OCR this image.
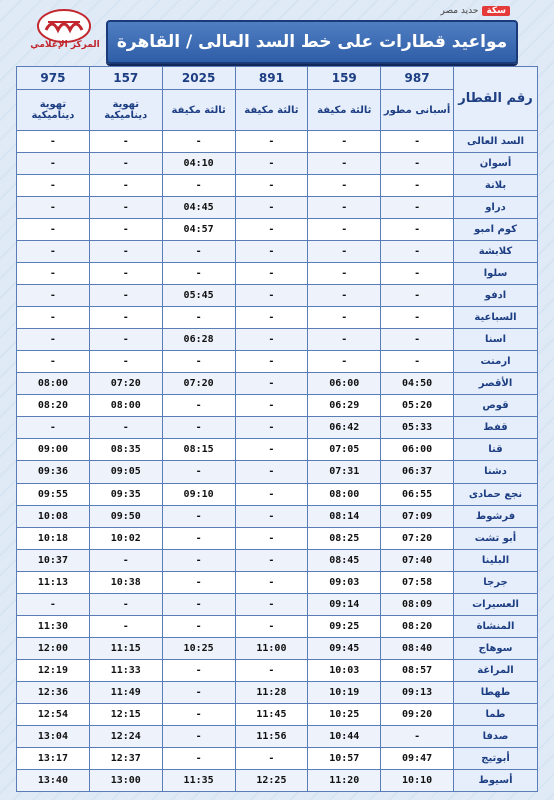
حديد مصر سكة
المركز الإعلامي مواعيد قطارات على خط السد العالى / القاهرة
رقم القطار	987	159	891	2025	157	975
	أسبانى مطور	ثالثة مكيفة	ثالثة مكيفة	ثالثة مكيفة	تهوية ديناميكية	تهوية ديناميكية
السد العالى	-	-	-	-	-	-
أسوان	-	-	-	04:10	-	-
بلانة	-	-	-	-	-	-
دراو	-	-	-	04:45	-	-
كوم امبو	-	-	-	04:57	-	-
كلابشة	-	-	-	-	-	-
سلوا	-	-	-	-	-	-
ادفو	-	-	-	05:45	-	-
السباعية	-	-	-	-	-	-
اسنا	-	-	-	06:28	-	-
ارمنت	-	-	-	-	-	-
الأقصر	04:50	06:00	-	07:20	07:20	08:00
قوص	05:20	06:29	-	-	08:00	08:20
قفط	05:33	06:42	-	-	-	-
قنا	06:00	07:05	-	08:15	08:35	09:00
دشنا	06:37	07:31	-	-	09:05	09:36
نجع حمادى	06:55	08:00	-	09:10	09:35	09:55
فرشوط	07:09	08:14	-	-	09:50	10:08
أبو تشت	07:20	08:25	-	-	10:02	10:18
البلينا	07:40	08:45	-	-	-	10:37
جرجا	07:58	09:03	-	-	10:38	11:13
العسيرات	08:09	09:14	-	-	-	-
المنشاة	08:20	09:25	-	-	-	11:30
سوهاج	08:40	09:45	11:00	10:25	11:15	12:00
المراغة	08:57	10:03	-	-	11:33	12:19
طهطا	09:13	10:19	11:28	-	11:49	12:36
طما	09:20	10:25	11:45	-	12:15	12:54
صدفا	-	10:44	11:56	-	12:24	13:04
أبوتيج	09:47	10:57	-	-	12:37	13:17
أسيوط	10:10	11:20	12:25	11:35	13:00	13:40
